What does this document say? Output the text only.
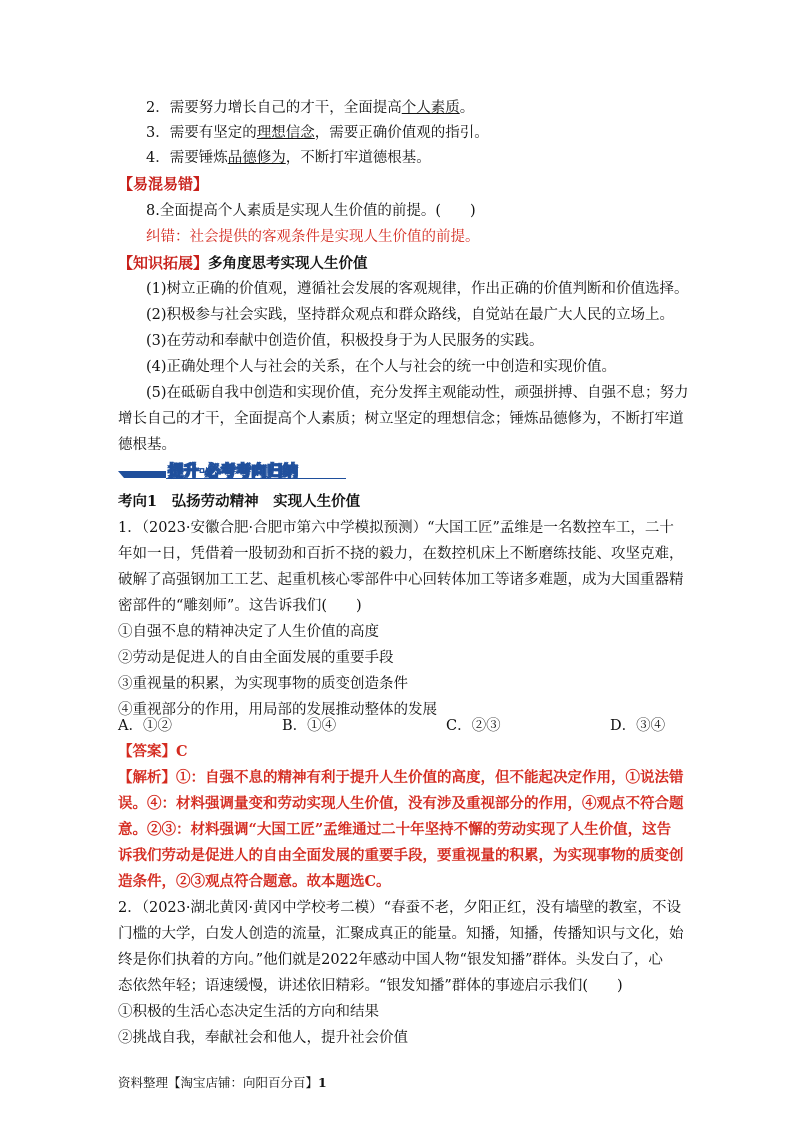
2．需要努力增长自己的才干，全面提高个人素质。
3．需要有坚定的理想信念，需要正确价值观的指引。
4．需要锤炼品德修为，不断打牢道德根基。
【易混易错】
8.全面提高个人素质是实现人生价值的前提。(　　)
纠错：社会提供的客观条件是实现人生价值的前提。
【知识拓展】多角度思考实现人生价值
(1)树立正确的价值观，遵循社会发展的客观规律，作出正确的价值判断和价值选择。
(2)积极参与社会实践，坚持群众观点和群众路线，自觉站在最广大人民的立场上。
(3)在劳动和奉献中创造价值，积极投身于为人民服务的实践。
(4)正确处理个人与社会的关系，在个人与社会的统一中创造和实现价值。
(5)在砥砺自我中创造和实现价值，充分发挥主观能动性，顽强拼搏、自强不息；努力
增长自己的才干，全面提高个人素质；树立坚定的理想信念；锤炼品德修为，不断打牢道
德根基。
提升·必考考向归纳
考向1　弘扬劳动精神　实现人生价值
1．（2023·安徽合肥·合肥市第六中学模拟预测）“大国工匠”孟维是一名数控车工，二十
年如一日，凭借着一股韧劲和百折不挠的毅力，在数控机床上不断磨练技能、攻坚克难，
破解了高强钢加工工艺、起重机核心零部件中心回转体加工等诸多难题，成为大国重器精
密部件的“雕刻师”。这告诉我们(　　)
①自强不息的精神决定了人生价值的高度
②劳动是促进人的自由全面发展的重要手段
③重视量的积累，为实现事物的质变创造条件
④重视部分的作用，用局部的发展推动整体的发展
A．①②	B．①④	C．②③	D．③④
【答案】C
【解析】①：自强不息的精神有利于提升人生价值的高度，但不能起决定作用，①说法错
误。④：材料强调量变和劳动实现人生价值，没有涉及重视部分的作用，④观点不符合题
意。②③：材料强调“大国工匠”孟维通过二十年坚持不懈的劳动实现了人生价值，这告
诉我们劳动是促进人的自由全面发展的重要手段，要重视量的积累，为实现事物的质变创
造条件，②③观点符合题意。故本题选C。
2．（2023·湖北黄冈·黄冈中学校考二模）“春蚕不老，夕阳正红，没有墙壁的教室，不设
门槛的大学，白发人创造的流量，汇聚成真正的能量。知播，知播，传播知识与文化，始
终是你们执着的方向。”他们就是2022年感动中国人物“银发知播”群体。头发白了，心
态依然年轻；语速缓慢，讲述依旧精彩。“银发知播”群体的事迹启示我们(　　)
①积极的生活心态决定生活的方向和结果
②挑战自我，奉献社会和他人，提升社会价值
资料整理【淘宝店铺：向阳百分百】1
